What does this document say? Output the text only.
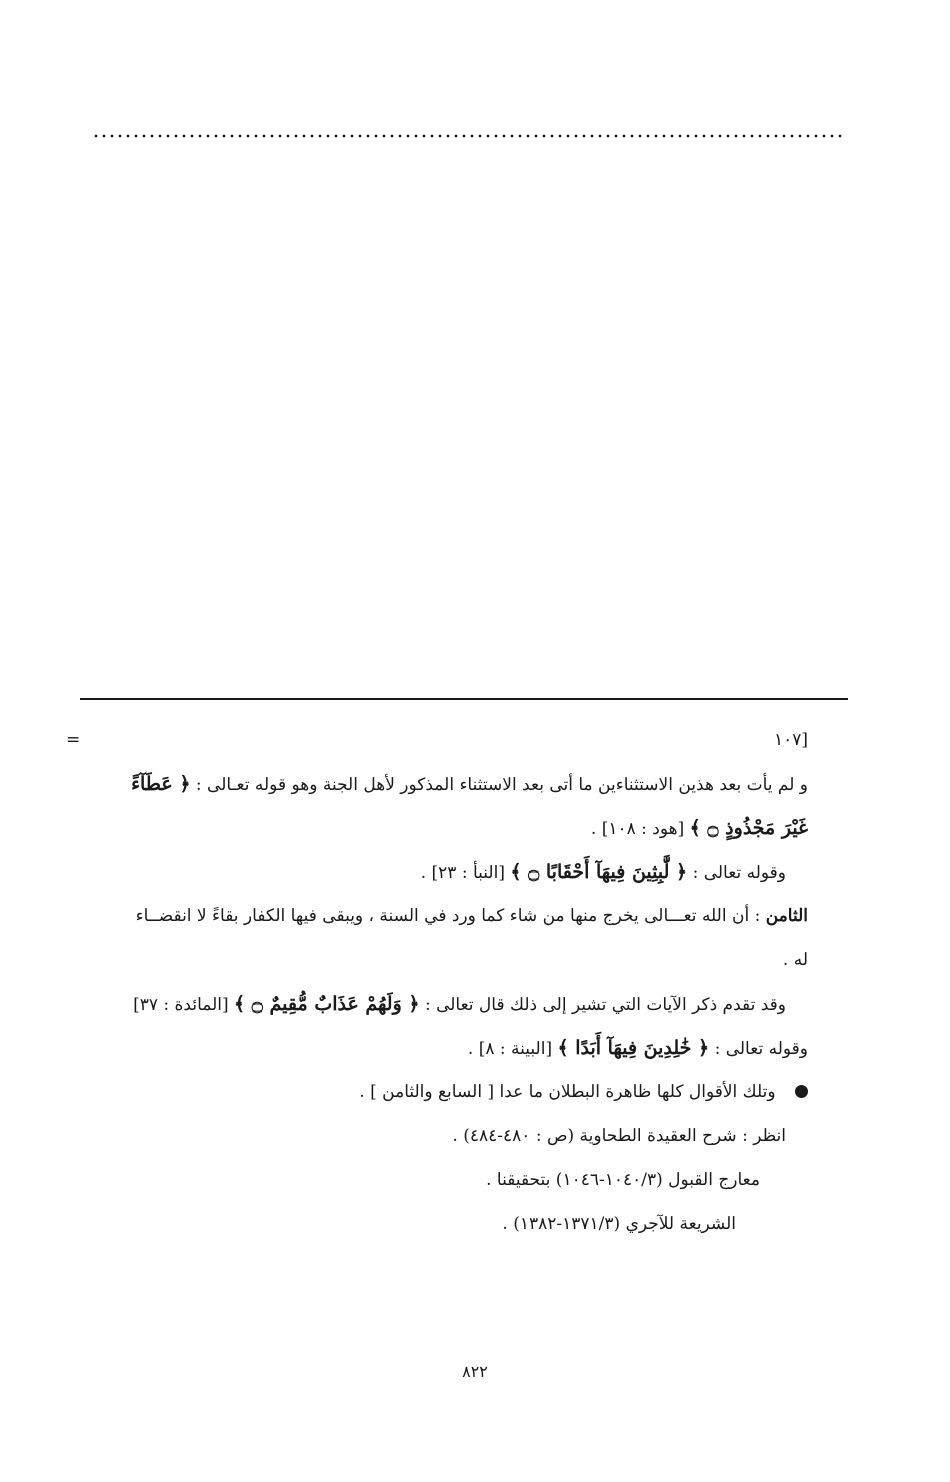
[١٠٧
=
و لم يأت بعد هذين الاستثناءين ما أتى بعد الاستثناء المذكور لأهل الجنة وهو قوله تعـالى : ﴿ عَطَآءً
غَيْرَ مَجْذُوذٍ ۝ ﴾ [هود : ١٠٨] .
وقوله تعالى : ﴿ لَّٰبِثِينَ فِيهَآ أَحْقَابًا ۝ ﴾ [النبأ : ٢٣] .
الثامن : أن الله تعـــالى يخرج منها من شاء كما ورد في السنة ، ويبقى فيها الكفار بقاءً لا انقضــاء
له .
وقد تقدم ذكر الآيات التي تشير إلى ذلك قال تعالى : ﴿ وَلَهُمْ عَذَابٌ مُّقِيمٌ ۝ ﴾ [المائدة : ٣٧]
وقوله تعالى : ﴿ خَٰلِدِينَ فِيهَآ أَبَدًا ﴾ [البينة : ٨] .
وتلك الأقوال كلها ظاهرة البطلان ما عدا [ السابع والثامن ] .
انظر : شرح العقيدة الطحاوية (ص : ٤٨٠-٤٨٤) .
معارج القبول (١٠٤٠/٣-١٠٤٦) بتحقيقنا .
الشريعة للآجري (١٣٧١/٣-١٣٨٢) .
٨٢٢
